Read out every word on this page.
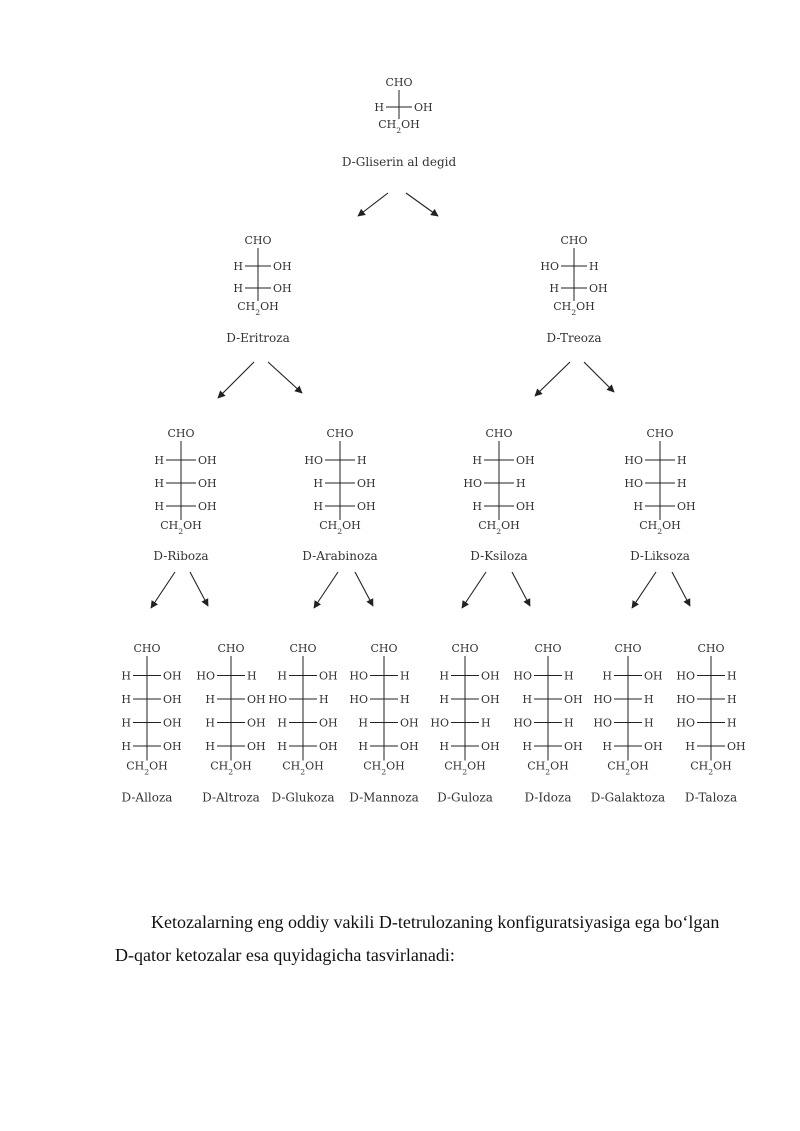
CHO
H	OH
$CH_2OH$
D-Gliserin al degid
CHO
H	OH
H	OH
$CH_2OH$
D-Eritroza
CHO
HO	H
H	OH
$CH_2OH$
D-Treoza
CHO
H	OH
H	OH
H	OH
$CH_2OH$
D-Riboza
CHO
HO	H
H	OH
H	OH
$CH_2OH$
D-Arabinoza
CHO
H	OH
HO	H
H	OH
$CH_2OH$
D-Ksiloza
CHO
HO	H
HO	H
H	OH
$CH_2OH$
D-Liksoza
CHO
H	OH
H	OH
H	OH
H	OH
$CH_2OH$
D-Alloza
CHO
HO	H
H	OH
H	OH
H	OH
$CH_2OH$
D-Altroza
CHO
H	OH
HO	H
H	OH
H	OH
$CH_2OH$
D-Glukoza
CHO
HO	H
HO	H
H	OH
H	OH
$CH_2OH$
D-Mannoza
CHO
H	OH
H	OH
HO	H
H	OH
$CH_2OH$
D-Guloza
CHO
HO	H
H	OH
HO	H
H	OH
$CH_2OH$
D-Idoza
CHO
H	OH
HO	H
HO	H
H	OH
$CH_2OH$
D-Galaktoza
CHO
HO	H
HO	H
HO	H
H	OH
$CH_2OH$
D-Taloza

Ketozalarning eng oddiy vakili D-tetrulozaning konfiguratsiyasiga ega bo‘lgan

D-qator ketozalar esa quyidagicha tasvirlanadi:
